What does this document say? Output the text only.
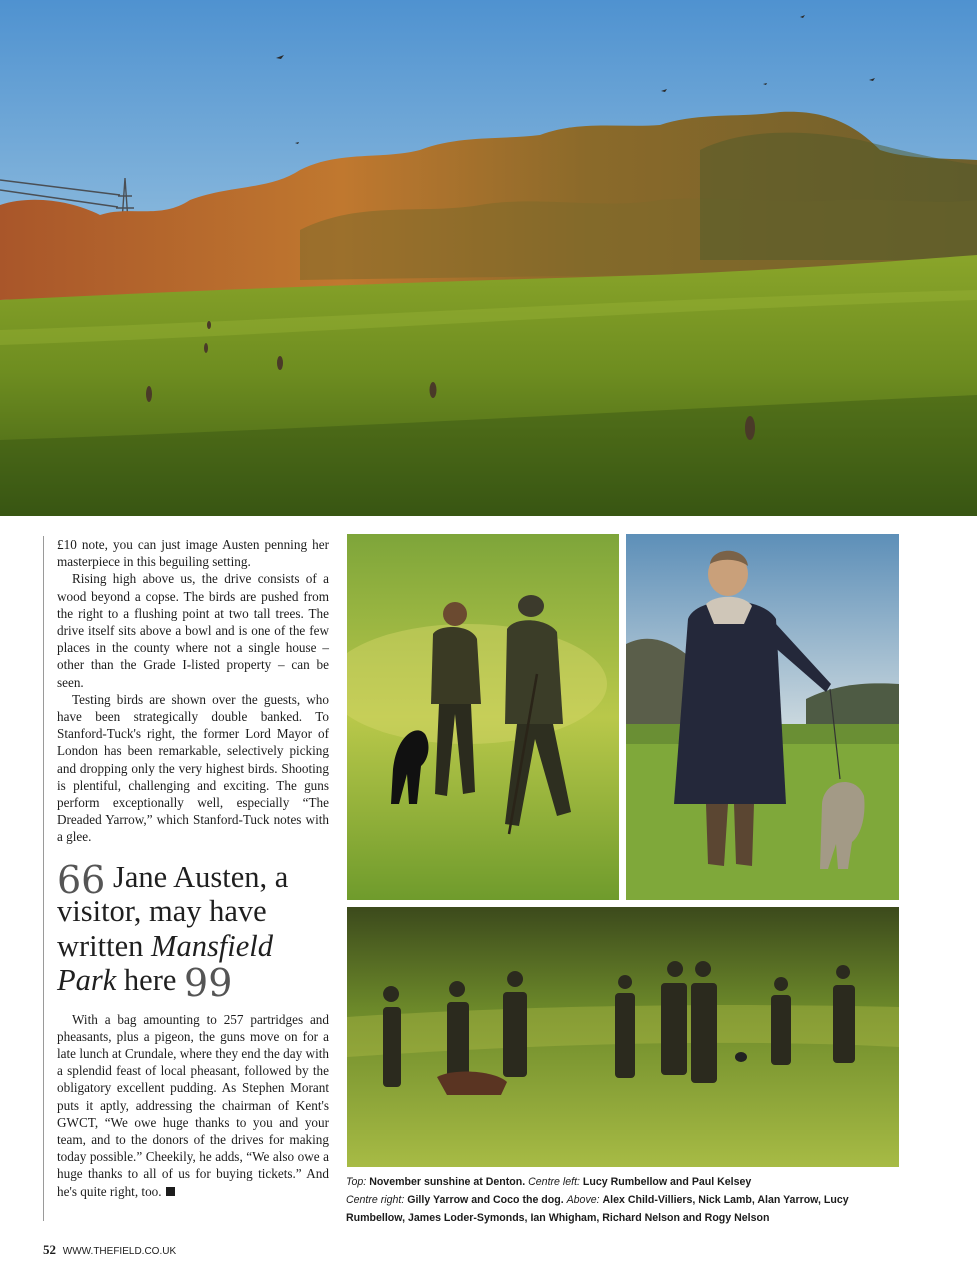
£10 note, you can just image Austen penning her masterpiece in this beguiling setting.

Rising high above us, the drive consists of a wood beyond a copse. The birds are pushed from the right to a flushing point at two tall trees. The drive itself sits above a bowl and is one of the few places in the county where not a single house – other than the Grade I-listed property – can be seen.

Testing birds are shown over the guests, who have been strategically double banked. To Stanford-Tuck's right, the former Lord Mayor of London has been remarkable, selectively picking and dropping only the very highest birds. Shooting is plentiful, challenging and exciting. The guns perform exceptionally well, especially “The Dreaded Yarrow,” which Stanford-Tuck notes with a glee.

66 Jane Austen, a visitor, may have written Mansfield Park here 99

With a bag amounting to 257 partridges and pheasants, plus a pigeon, the guns move on for a late lunch at Crundale, where they end the day with a splendid feast of local pheasant, followed by the obligatory excellent pudding. As Stephen Morant puts it aptly, addressing the chairman of Kent's GWCT, “We owe huge thanks to you and your team, and to the donors of the drives for making today possible.” Cheekily, he adds, “We also owe a huge thanks to all of us for buying tickets.” And he's quite right, too.

Top: November sunshine at Denton. Centre left: Lucy Rumbellow and Paul Kelsey
Centre right: Gilly Yarrow and Coco the dog. Above: Alex Child-Villiers, Nick Lamb, Alan Yarrow, Lucy Rumbellow, James Loder-Symonds, Ian Whigham, Richard Nelson and Rogy Nelson
52 WWW.THEFIELD.CO.UK
